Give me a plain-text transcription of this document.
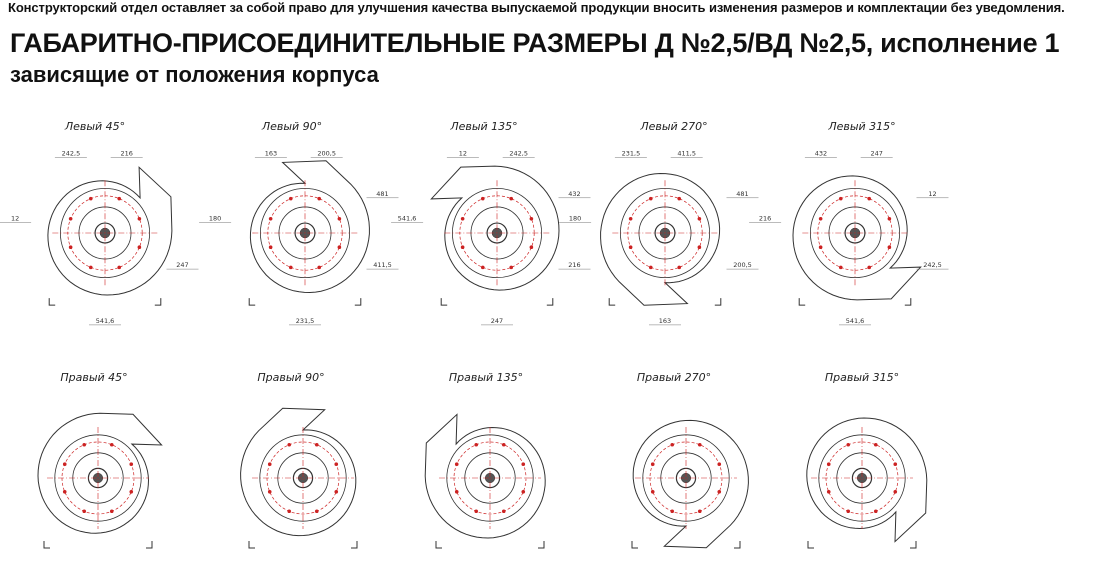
Конструкторский отдел оставляет за собой право для улучшения качества выпускаемой продукции вносить изменения размеров и комплектации без уведомления.
ГАБАРИТНО-ПРИСОЕДИНИТЕЛЬНЫЕ РАЗМЕРЫ Д №2,5/ВД №2,5, исполнение 1
зависящие от положения корпуса
Левый 45°
242,5	216
12
247
541,6
Левый 90°
163	200,5
180
411,5
231,5
481
Левый 135°
12	242,5
541,6
216
247
432
Левый 270°
231,5	411,5
180
200,5
163
481
Левый 315°
432	247
216
242,5
541,6
12
Правый 45°	Правый 90°	Правый 135°	Правый 270°	Правый 315°
